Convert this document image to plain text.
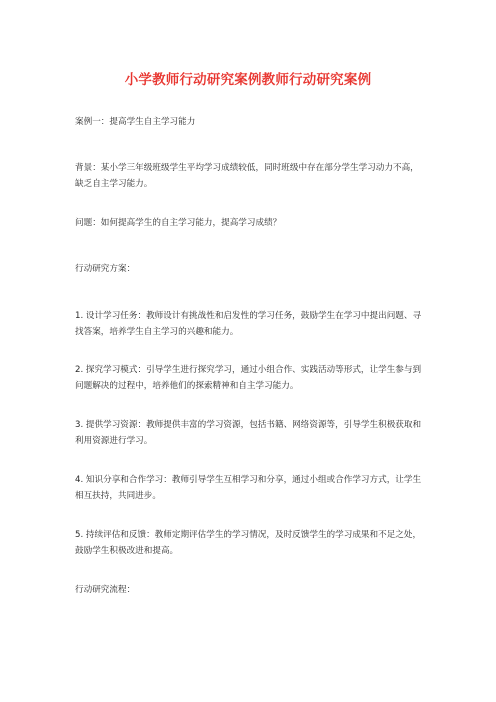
小学教师行动研究案例教师行动研究案例

案例一：提高学生自主学习能力

背景：某小学三年级班级学生平均学习成绩较低，同时班级中存在部分学生学习动力不高，缺乏自主学习能力。

问题：如何提高学生的自主学习能力，提高学习成绩？

行动研究方案：

1. 设计学习任务：教师设计有挑战性和启发性的学习任务，鼓励学生在学习中提出问题、寻找答案，培养学生自主学习的兴趣和能力。

2. 探究学习模式：引导学生进行探究学习，通过小组合作、实践活动等形式，让学生参与到问题解决的过程中，培养他们的探索精神和自主学习能力。

3. 提供学习资源：教师提供丰富的学习资源，包括书籍、网络资源等，引导学生积极获取和利用资源进行学习。

4. 知识分享和合作学习：教师引导学生互相学习和分享，通过小组或合作学习方式，让学生相互扶持，共同进步。

5. 持续评估和反馈：教师定期评估学生的学习情况，及时反馈学生的学习成果和不足之处，鼓励学生积极改进和提高。

行动研究流程：
